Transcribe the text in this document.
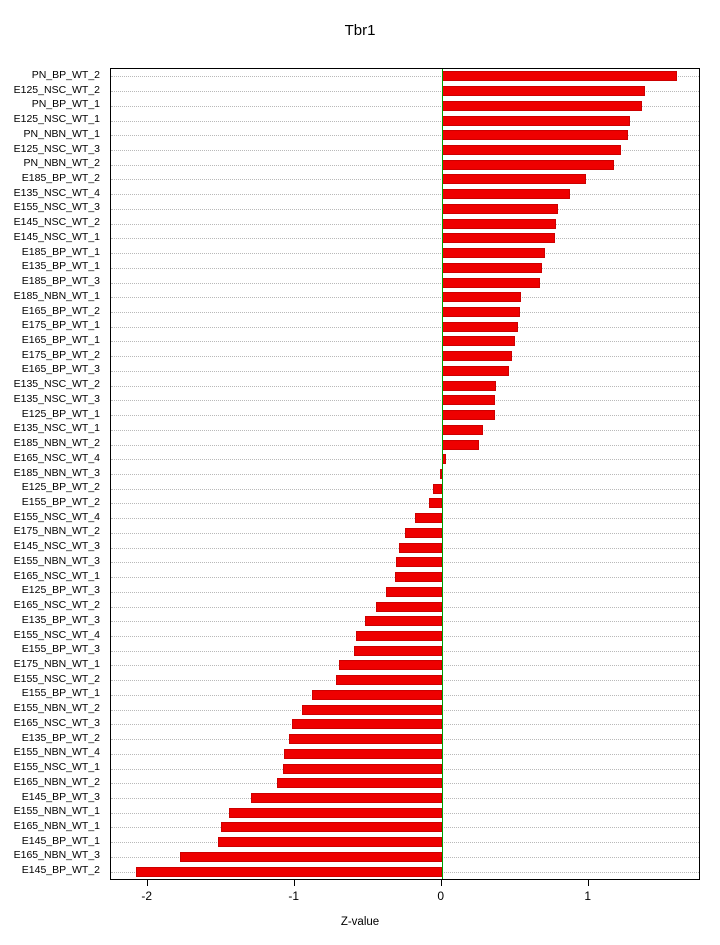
Tbr1
PN_BP_WT_2
E125_NSC_WT_2
PN_BP_WT_1
E125_NSC_WT_1
PN_NBN_WT_1
E125_NSC_WT_3
PN_NBN_WT_2
E185_BP_WT_2
E135_NSC_WT_4
E155_NSC_WT_3
E145_NSC_WT_2
E145_NSC_WT_1
E185_BP_WT_1
E135_BP_WT_1
E185_BP_WT_3
E185_NBN_WT_1
E165_BP_WT_2
E175_BP_WT_1
E165_BP_WT_1
E175_BP_WT_2
E165_BP_WT_3
E135_NSC_WT_2
E135_NSC_WT_3
E125_BP_WT_1
E135_NSC_WT_1
E185_NBN_WT_2
E165_NSC_WT_4
E185_NBN_WT_3
E125_BP_WT_2
E155_BP_WT_2
E155_NSC_WT_4
E175_NBN_WT_2
E145_NSC_WT_3
E155_NBN_WT_3
E165_NSC_WT_1
E125_BP_WT_3
E165_NSC_WT_2
E135_BP_WT_3
E155_NSC_WT_4
E155_BP_WT_3
E175_NBN_WT_1
E155_NSC_WT_2
E155_BP_WT_1
E155_NBN_WT_2
E165_NSC_WT_3
E135_BP_WT_2
E155_NBN_WT_4
E155_NSC_WT_1
E165_NBN_WT_2
E145_BP_WT_3
E155_NBN_WT_1
E165_NBN_WT_1
E145_BP_WT_1
E165_NBN_WT_3
E145_BP_WT_2
-2	-1	0	1
Z-value
